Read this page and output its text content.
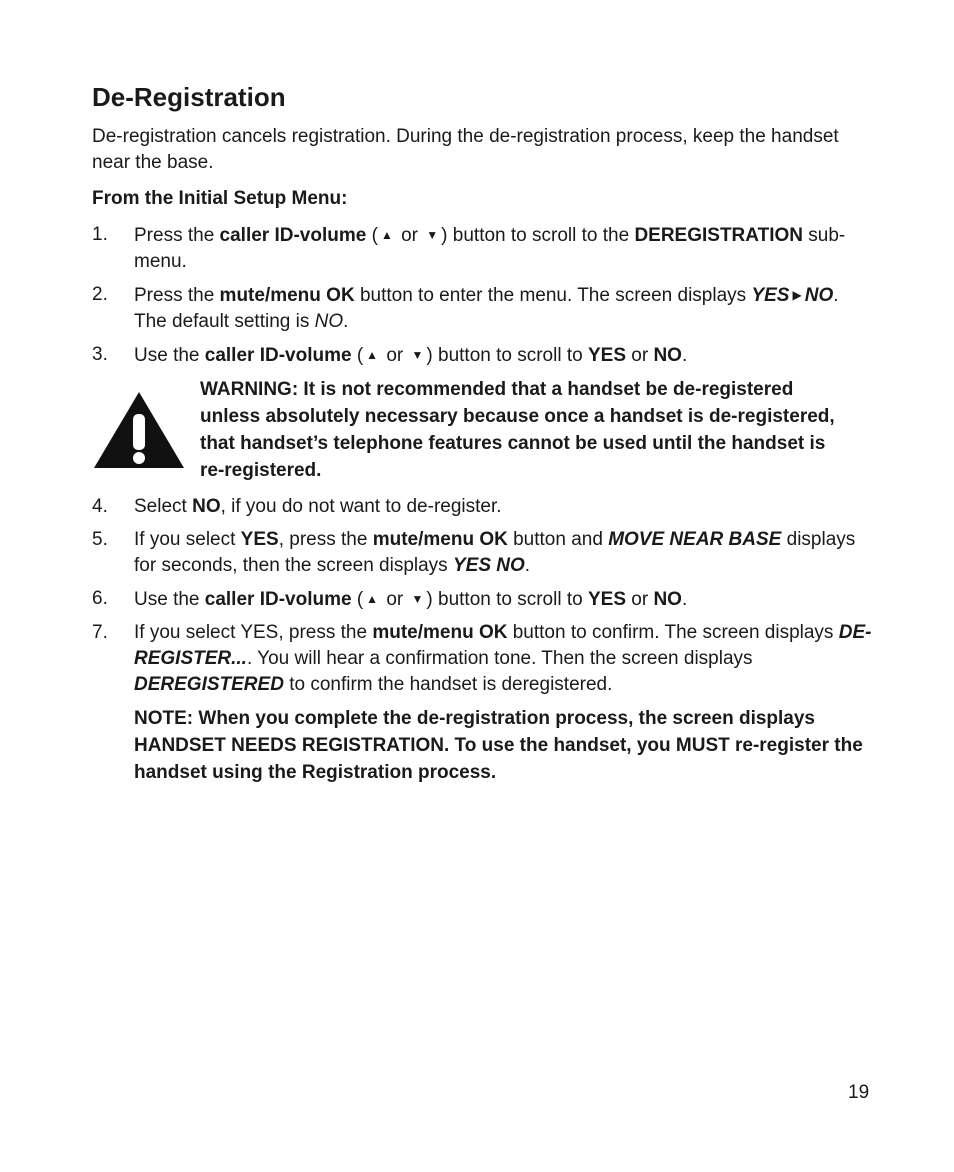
De-Registration

De-registration cancels registration. During the de-registration process, keep the handset near the base.

From the Initial Setup Menu:

1.	Press the caller ID-volume ( ▲ or ▼ ) button to scroll to the DEREGISTRATION sub-menu.
2.	Press the mute/menu OK button to enter the menu. The screen displays YES ▶ NO. The default setting is NO.
3.	Use the caller ID-volume ( ▲ or ▼ ) button to scroll to YES or NO.

WARNING: It is not recommended that a handset be de-registered unless absolutely necessary because once a handset is de-registered, that handset’s telephone features cannot be used until the handset is re-registered.

4.	Select NO, if you do not want to de-register.
5.	If you select YES, press the mute/menu OK button and MOVE NEAR BASE displays for seconds, then the screen displays YES NO.
6.	Use the caller ID-volume ( ▲ or ▼ ) button to scroll to YES or NO.
7.	If you select YES, press the mute/menu OK button to confirm. The screen displays DE-REGISTER.... You will hear a confirmation tone. Then the screen displays DEREGISTERED to confirm the handset is deregistered.

NOTE: When you complete the de-registration process, the screen displays HANDSET NEEDS REGISTRATION. To use the handset, you MUST re-register the handset using the Registration process.

19
